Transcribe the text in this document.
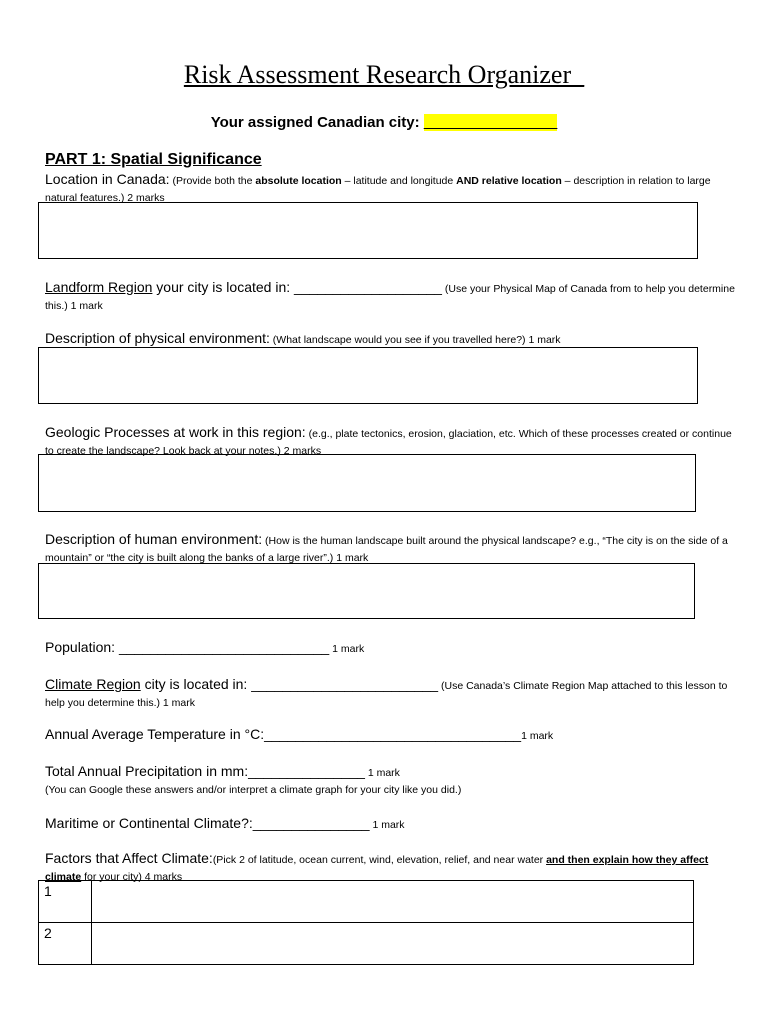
Risk Assessment Research Organizer_
Your assigned Canadian city: ________________
PART 1: Spatial Significance
Location in Canada: (Provide both the absolute location – latitude and longitude AND relative location – description in relation to large natural features.) 2 marks
Landform Region your city is located in: ___________________ (Use your Physical Map of Canada from to help you determine this.) 1 mark
Description of physical environment: (What landscape would you see if you travelled here?) 1 mark
Geologic Processes at work in this region: (e.g., plate tectonics, erosion, glaciation, etc. Which of these processes created or continue to create the landscape? Look back at your notes.) 2 marks
Description of human environment: (How is the human landscape built around the physical landscape? e.g., “The city is on the side of a mountain” or “the city is built along the banks of a large river”.) 1 mark
Population: ___________________________ 1 mark
Climate Region city is located in: ________________________ (Use Canada’s Climate Region Map attached to this lesson to help you determine this.) 1 mark
Annual Average Temperature in °C:_________________________________1 mark
Total Annual Precipitation in mm:_______________ 1 mark
(You can Google these answers and/or interpret a climate graph for your city like you did.)
Maritime or Continental Climate?:_______________ 1 mark
Factors that Affect Climate:(Pick 2 of latitude, ocean current, wind, elevation, relief, and near water and then explain how they affect climate for your city) 4 marks
1	
2	
